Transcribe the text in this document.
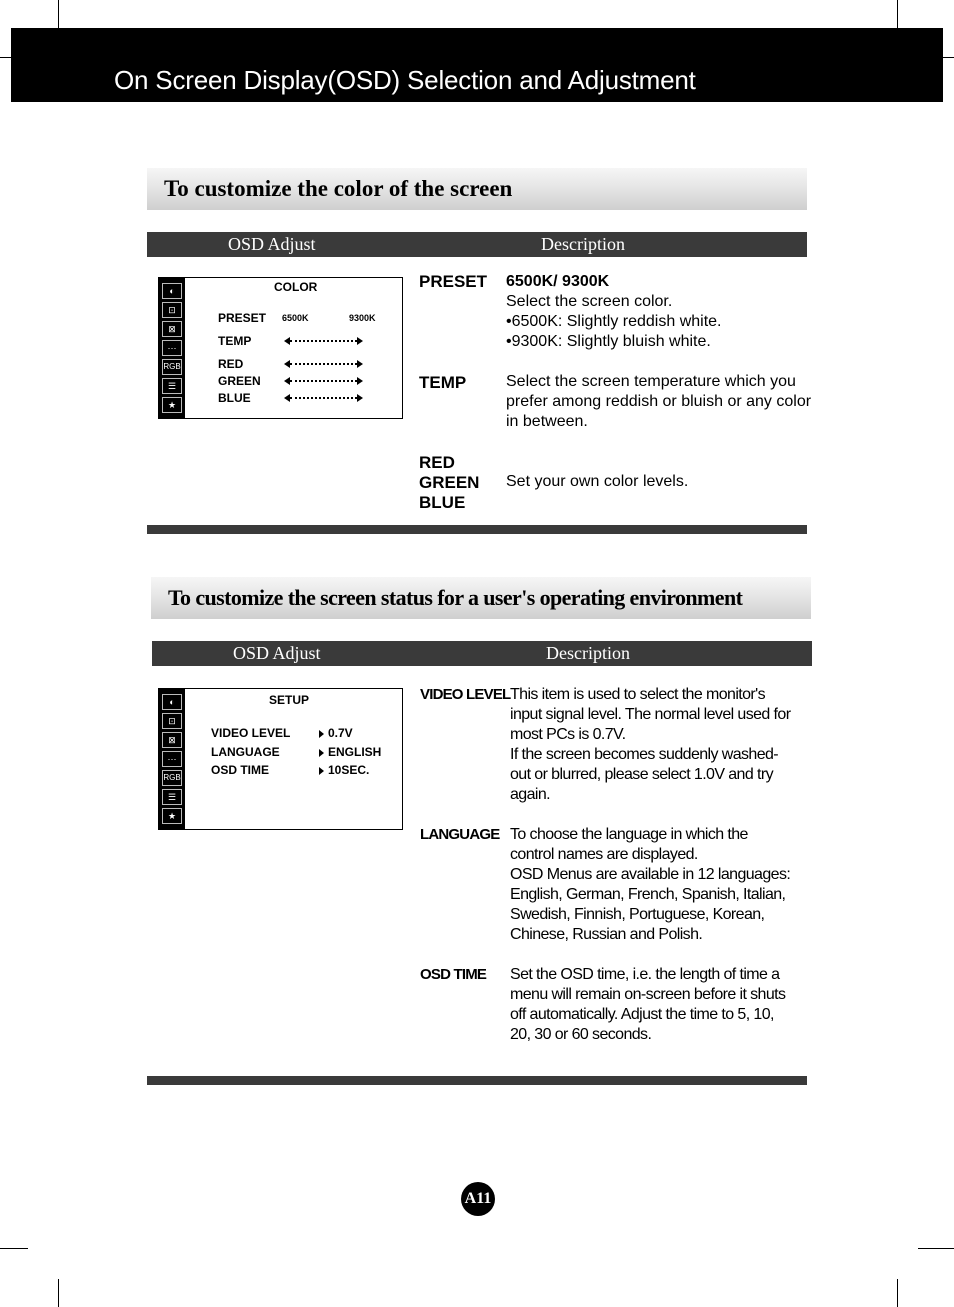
On Screen Display(OSD) Selection and Adjustment
To customize the color of the screen
OSD Adjust	Description
◐
⊡
⊠
⋯
RGB
☰
★
COLOR
PRESET 6500K	9300K
TEMP
RED
GREEN
BLUE
PRESET 6500K/ 9300K
Select the screen color.
•6500K: Slightly reddish white.
•9300K: Slightly bluish white.
TEMP Select the screen temperature which you
prefer among reddish or bluish or any color
in between.
RED
GREEN
BLUE
Set your own color levels.
To customize the screen status for a user's operating environment
OSD Adjust	Description
◐
⊡
⊠
⋯
RGB
☰
★
SETUP
VIDEO LEVEL	0.7V
LANGUAGE	ENGLISH
OSD TIME	10SEC.
VIDEO LEVEL This item is used to select the monitor's
input signal level. The normal level used for
most PCs is 0.7V.
If the screen becomes suddenly washed-
out or blurred, please select 1.0V and try
again.
LANGUAGE To choose the language in which the
control names are displayed.
OSD Menus are available in 12 languages:
English, German, French, Spanish, Italian,
Swedish, Finnish, Portuguese, Korean,
Chinese, Russian and Polish.
OSD TIME Set the OSD time, i.e. the length of time a
menu will remain on-screen before it shuts
off automatically. Adjust the time to 5, 10,
20, 30 or 60 seconds.
A11
